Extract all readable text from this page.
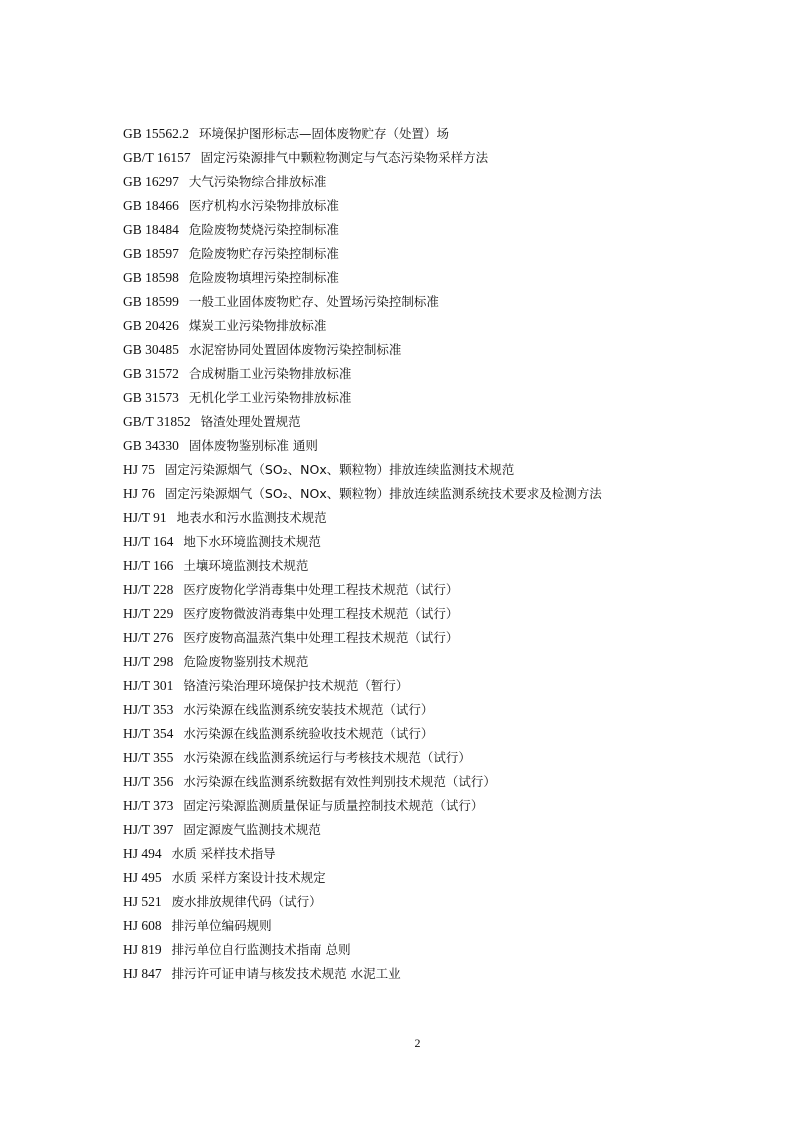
GB 15562.2 环境保护图形标志—固体废物贮存（处置）场
GB/T 16157 固定污染源排气中颗粒物测定与气态污染物采样方法
GB 16297 大气污染物综合排放标准
GB 18466 医疗机构水污染物排放标准
GB 18484 危险废物焚烧污染控制标准
GB 18597 危险废物贮存污染控制标准
GB 18598 危险废物填埋污染控制标准
GB 18599 一般工业固体废物贮存、处置场污染控制标准
GB 20426 煤炭工业污染物排放标准
GB 30485 水泥窑协同处置固体废物污染控制标准
GB 31572 合成树脂工业污染物排放标准
GB 31573 无机化学工业污染物排放标准
GB/T 31852 铬渣处理处置规范
GB 34330 固体废物鉴别标准 通则
HJ 75 固定污染源烟气（SO₂、NOx、颗粒物）排放连续监测技术规范
HJ 76 固定污染源烟气（SO₂、NOx、颗粒物）排放连续监测系统技术要求及检测方法
HJ/T 91 地表水和污水监测技术规范
HJ/T 164 地下水环境监测技术规范
HJ/T 166 土壤环境监测技术规范
HJ/T 228 医疗废物化学消毒集中处理工程技术规范（试行）
HJ/T 229 医疗废物微波消毒集中处理工程技术规范（试行）
HJ/T 276 医疗废物高温蒸汽集中处理工程技术规范（试行）
HJ/T 298 危险废物鉴别技术规范
HJ/T 301 铬渣污染治理环境保护技术规范（暂行）
HJ/T 353 水污染源在线监测系统安装技术规范（试行）
HJ/T 354 水污染源在线监测系统验收技术规范（试行）
HJ/T 355 水污染源在线监测系统运行与考核技术规范（试行）
HJ/T 356 水污染源在线监测系统数据有效性判别技术规范（试行）
HJ/T 373 固定污染源监测质量保证与质量控制技术规范（试行）
HJ/T 397 固定源废气监测技术规范
HJ 494 水质 采样技术指导
HJ 495 水质 采样方案设计技术规定
HJ 521 废水排放规律代码（试行）
HJ 608 排污单位编码规则
HJ 819 排污单位自行监测技术指南 总则
HJ 847 排污许可证申请与核发技术规范 水泥工业
2
